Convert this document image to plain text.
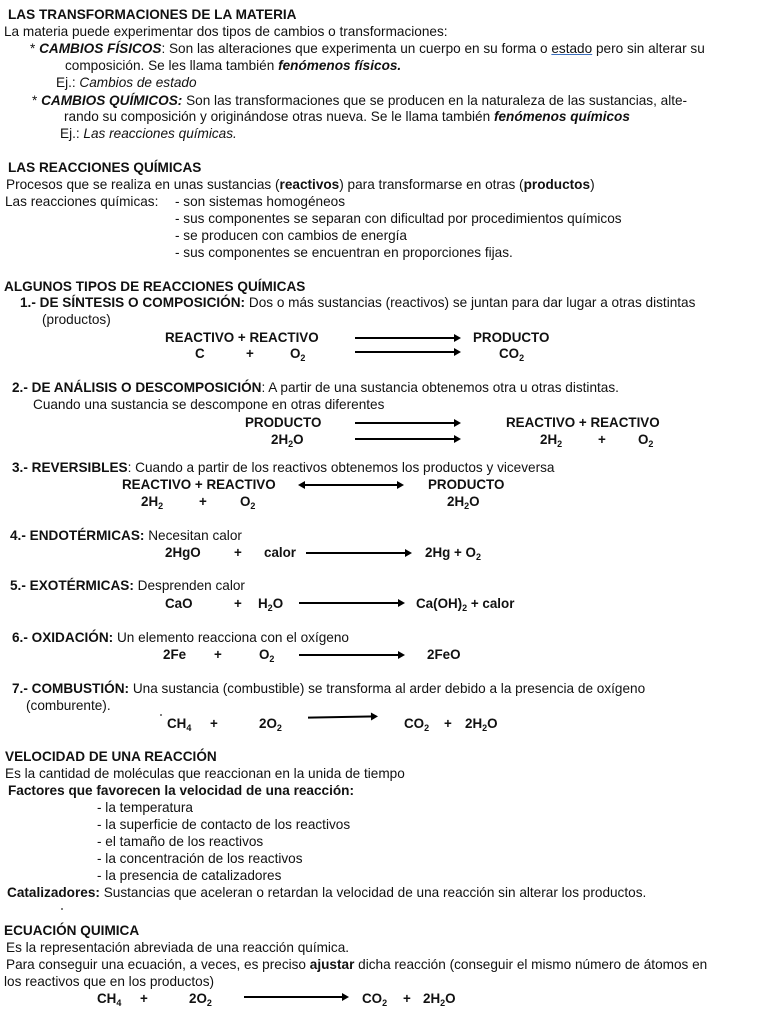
LAS TRANSFORMACIONES DE LA MATERIA
La materia puede experimentar dos tipos de cambios o transformaciones:
* CAMBIOS FÍSICOS: Son las alteraciones que experimenta un cuerpo en su forma o estado pero sin alterar su
composición. Se les llama también fenómenos físicos.
Ej.: Cambios de estado
* CAMBIOS QUÍMICOS: Son las transformaciones que se producen en la naturaleza de las sustancias, alte-
rando su composición y originándose otras nueva. Se le llama también fenómenos químicos
Ej.: Las reacciones químicas.
LAS REACCIONES QUÍMICAS
Procesos que se realiza en unas sustancias (reactivos) para transformarse en otras (productos)
Las reacciones químicas: - son sistemas homogéneos
- sus componentes se separan con dificultad por procedimientos químicos
- se producen con cambios de energía
- sus componentes se encuentran en proporciones fijas.
ALGUNOS TIPOS DE REACCIONES QUÍMICAS
1.- DE SÍNTESIS O COMPOSICIÓN: Dos o más sustancias (reactivos) se juntan para dar lugar a otras distintas
(productos)
REACTIVO + REACTIVO	PRODUCTO
C	+	$O_2$	$CO_2$
2.- DE ANÁLISIS O DESCOMPOSICIÓN: A partir de una sustancia obtenemos otra u otras distintas.
Cuando una sustancia se descompone en otras diferentes
PRODUCTO	REACTIVO + REACTIVO
$2H_2O$	$2H_2$	+ $O_2$
3.- REVERSIBLES: Cuando a partir de los reactivos obtenemos los productos y viceversa
REACTIVO + REACTIVO	PRODUCTO
$2H_2$	+ $O_2$	$2H_2O$
4.- ENDOTÉRMICAS: Necesitan calor
2HgO + calor	$2Hg + O_2$
5.- EXOTÉRMICAS: Desprenden calor
CaO	+ $H_2O$	$Ca(OH)_2$ + calor
6.- OXIDACIÓN: Un elemento reacciona con el oxígeno
2Fe +	$O_2$	2FeO
7.- COMBUSTIÓN: Una sustancia (combustible) se transforma al arder debido a la presencia de oxígeno
(comburente).
$CH_4$ +	$2O_2$	$CO_2 + 2H_2O$
VELOCIDAD DE UNA REACCIÓN
Es la cantidad de moléculas que reaccionan en la unida de tiempo
Factores que favorecen la velocidad de una reacción:
- la temperatura
- la superficie de contacto de los reactivos
- el tamaño de los reactivos
- la concentración de los reactivos
- la presencia de catalizadores
Catalizadores: Sustancias que aceleran o retardan la velocidad de una reacción sin alterar los productos.
ECUACIÓN QUIMICA
Es la representación abreviada de una reacción química.
Para conseguir una ecuación, a veces, es preciso ajustar dicha reacción (conseguir el mismo número de átomos en
los reactivos que en los productos)
$CH_4$ +	$2O_2$	$CO_2 + 2H_2O$
